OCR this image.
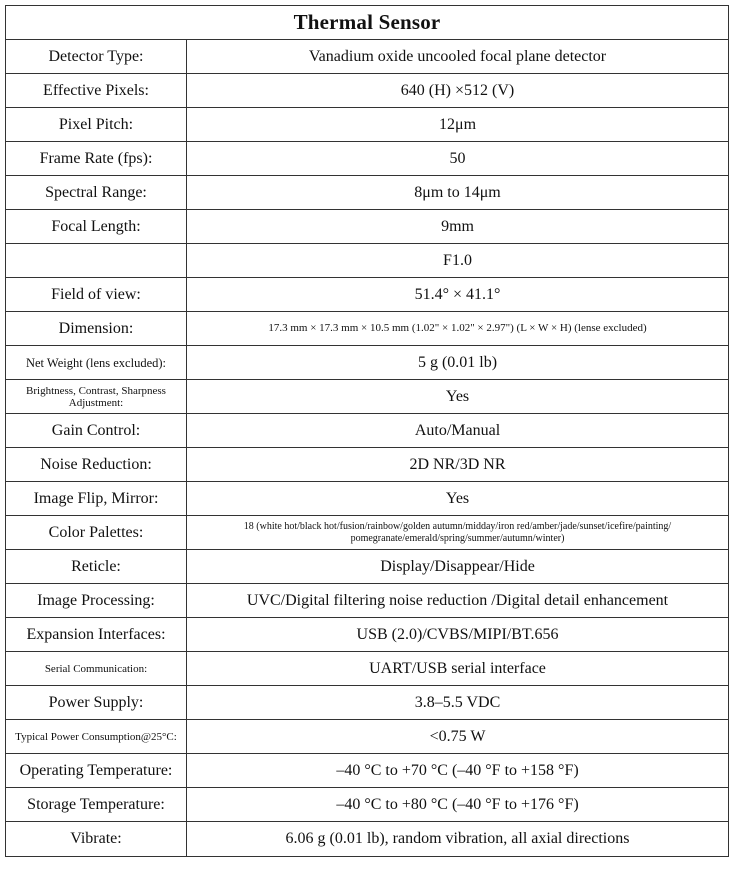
Thermal Sensor	
Detector Type:	Vanadium oxide uncooled focal plane detector
Effective Pixels:	640 (H) ×512 (V)
Pixel Pitch:	12μm
Frame Rate (fps):	50
Spectral Range:	8μm to 14μm
Focal Length:	9mm
	F1.0
Field of view:	51.4° × 41.1°
Dimension:	17.3 mm × 17.3 mm × 10.5 mm (1.02" × 1.02" × 2.97") (L × W × H) (lense excluded)
Net Weight (lens excluded):	5 g (0.01 lb)
Brightness, Contrast, Sharpness Adjustment:	Yes
Gain Control:	Auto/Manual
Noise Reduction:	2D NR/3D NR
Image Flip, Mirror:	Yes
Color Palettes:	18 (white hot/black hot/fusion/rainbow/golden autumn/midday/iron red/amber/jade/sunset/icefire/painting/ pomegranate/emerald/spring/summer/autumn/winter)
Reticle:	Display/Disappear/Hide
Image Processing:	UVC/Digital filtering noise reduction /Digital detail enhancement
Expansion Interfaces:	USB (2.0)/CVBS/MIPI/BT.656
Serial Communication:	UART/USB serial interface
Power Supply:	3.8–5.5 VDC
Typical Power Consumption@25°C:	<0.75 W
Operating Temperature:	–40 °C to +70 °C (–40 °F to +158 °F)
Storage Temperature:	–40 °C to +80 °C (–40 °F to +176 °F)
Vibrate:	6.06 g (0.01 lb), random vibration, all axial directions
